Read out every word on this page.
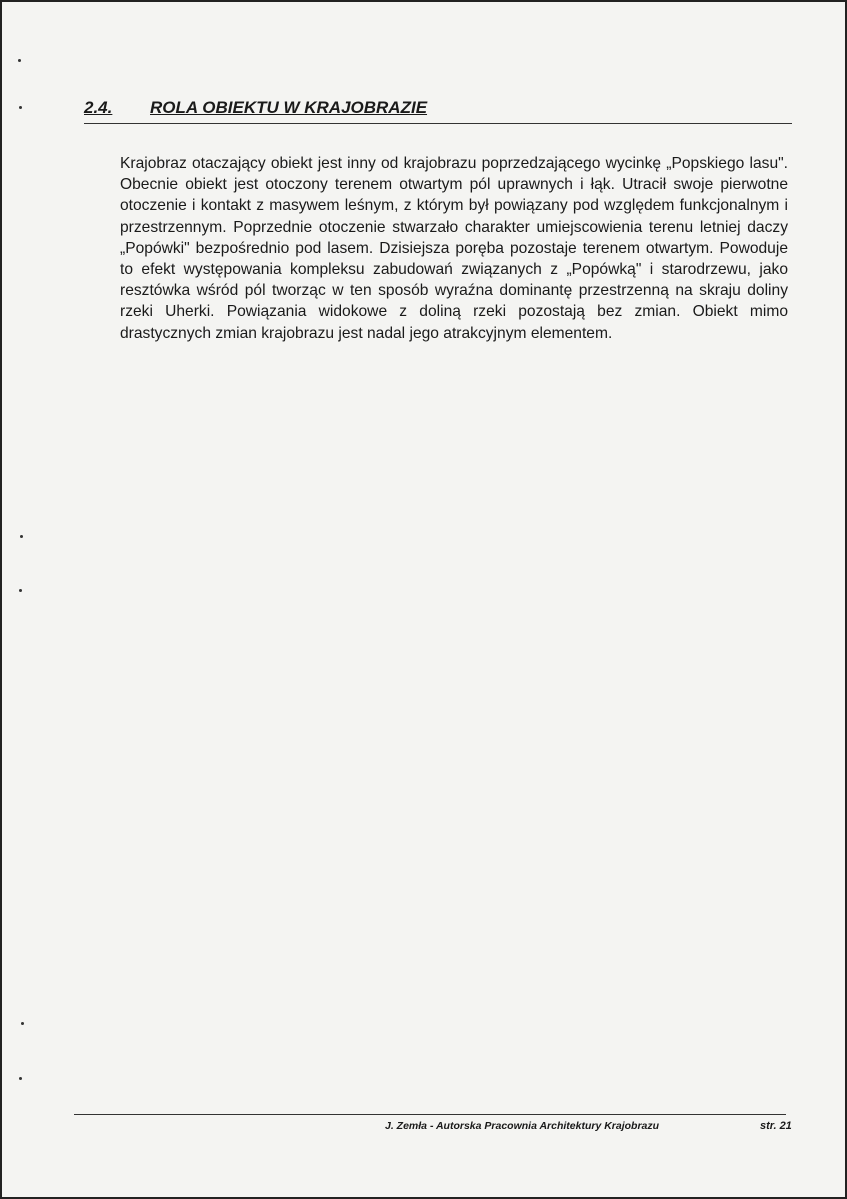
2.4. ROLA OBIEKTU W KRAJOBRAZIE

Krajobraz otaczający obiekt jest inny od krajobrazu poprzedzającego wycinkę „Popskiego lasu". Obecnie obiekt jest otoczony terenem otwartym pól uprawnych i łąk. Utracił swoje pierwotne otoczenie i kontakt z masywem leśnym, z którym był powiązany pod względem funkcjonalnym i przestrzennym. Poprzednie otoczenie stwarzało charakter umiejscowienia terenu letniej daczy „Popówki" bezpośrednio pod lasem. Dzisiejsza poręba pozostaje terenem otwartym. Powoduje to efekt występowania kompleksu zabudowań związanych z „Popówką" i starodrzewu, jako resztówka wśród pól tworząc w ten sposób wyraźna dominantę przestrzenną na skraju doliny rzeki Uherki. Powiązania widokowe z doliną rzeki pozostają bez zmian. Obiekt mimo drastycznych zmian krajobrazu jest nadal jego atrakcyjnym elementem.

J. Zemła - Autorska Pracownia Architektury Krajobrazu	str. 21
